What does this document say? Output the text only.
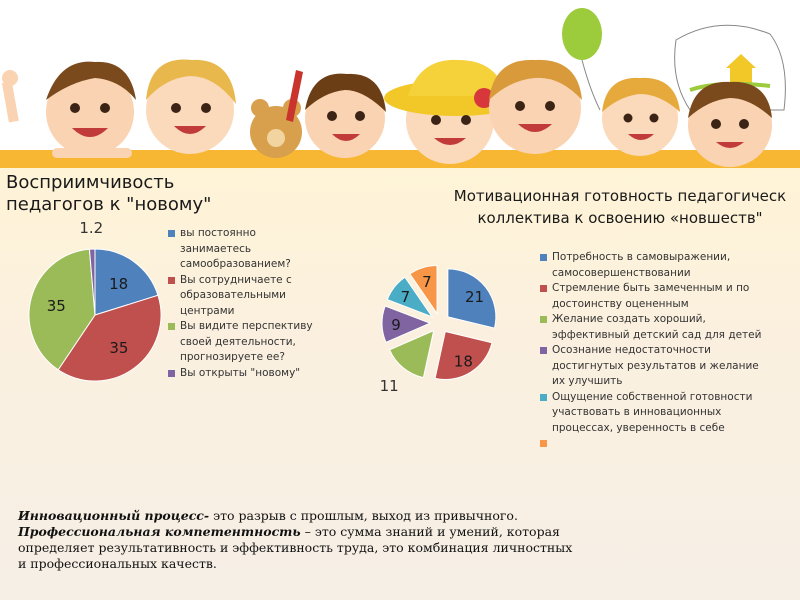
Восприимчивость педагогов к "новому"	Мотивационная готовность педагогическ
коллектива к освоению «новшеств"
18
35
35
1.2	вы постоянно
занимаетесь
самообразованием?
Вы сотрудничаете с
образовательными
центрами
Вы видите перспективу
своей деятельности,
прогнозируете ее?
Вы открыты "новому"
21
18
11
9
7
7
Потребность в самовыражении,
самосовершенствовании
Стремление быть замеченным и по
достоинству оцененным
Желание создать хороший,
эффективный детский сад для детей
Осознание недостаточности
достигнутых результатов и желание
их улучшить
Ощущение собственной готовности
участвовать в инновационных
процессах, уверенность в себе
Инновационный процесс- это разрыв с прошлым, выход из привычного.
Профессиональная компетентность – это сумма знаний и умений, которая определяет результативность и эффективность труда, это комбинация личностных и профессиональных качеств.
